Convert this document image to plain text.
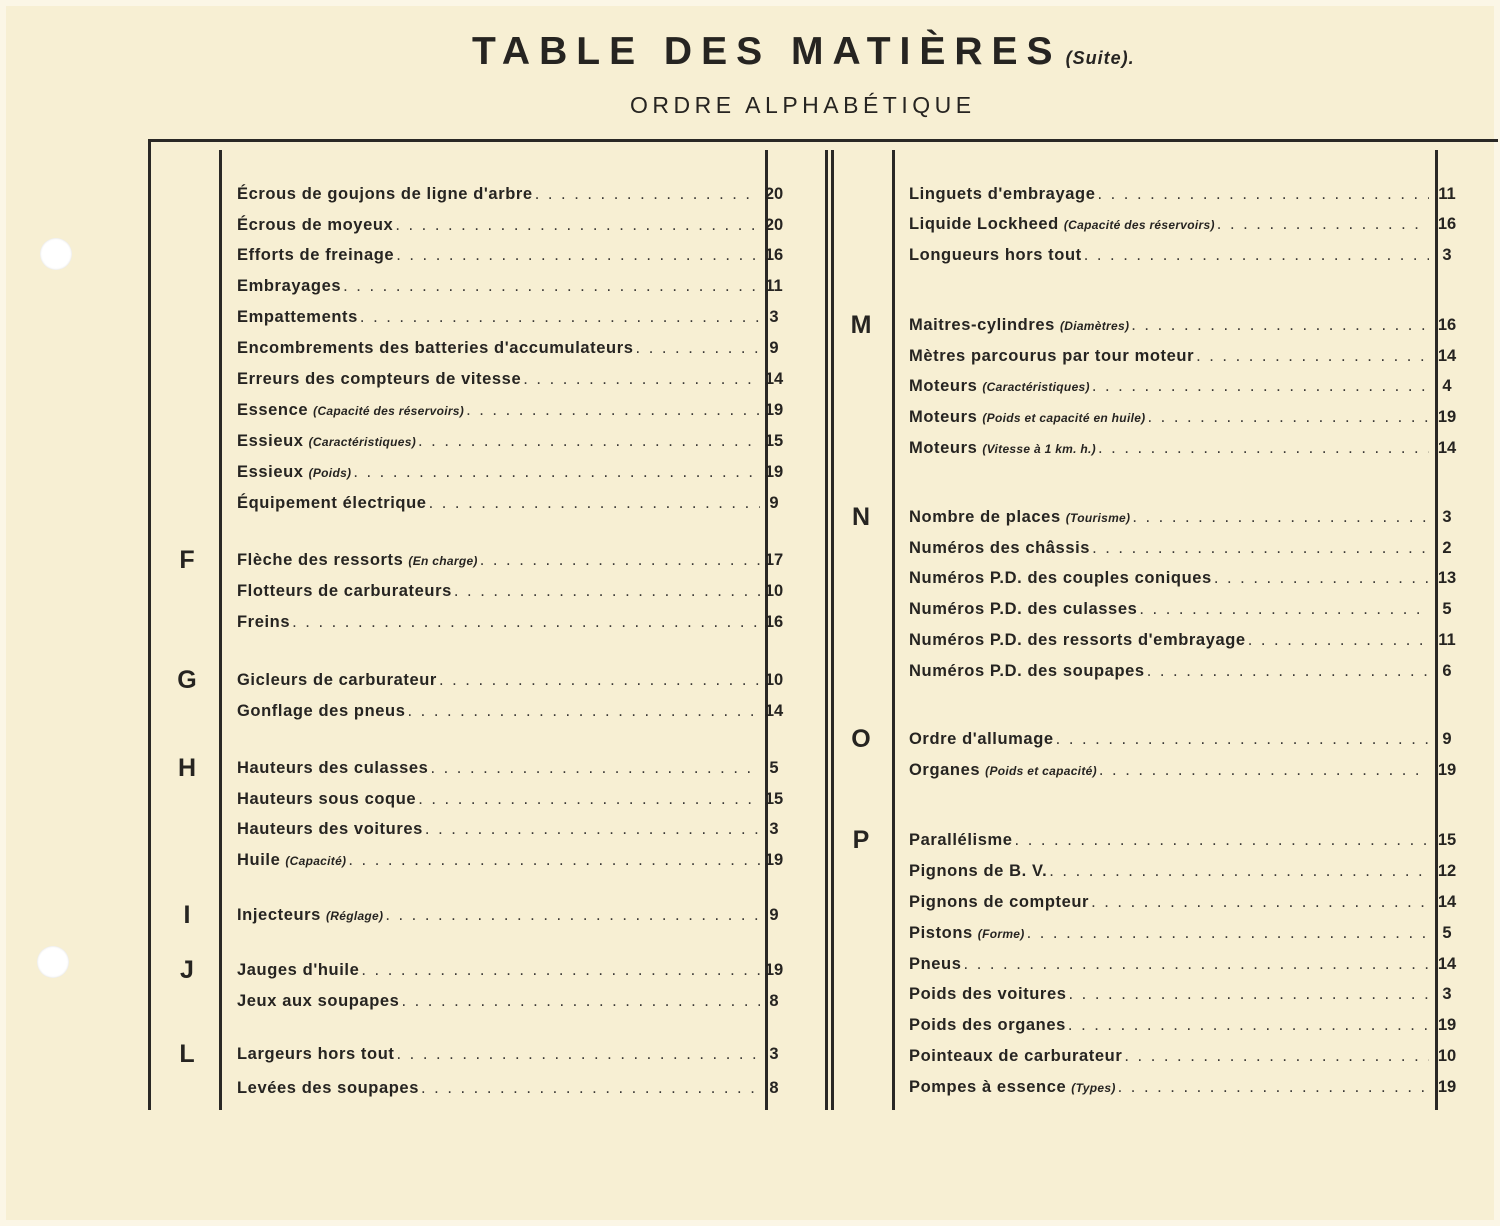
TABLE DES MATIÈRES (Suite).
ORDRE ALPHABÉTIQUE
Écrous de goujons de ligne d'arbre . . .	20
Écrous de moyeux . . .	20
Efforts de freinage . . .	16
Embrayages . . .	11
Empattements . . .	3
Encombrements des batteries d'accumulateurs . . .	9
Erreurs des compteurs de vitesse . . .	14
Essence (Capacité des réservoirs) . . .	19
Essieux (Caractéristiques) . . .	15
Essieux (Poids) . . .	19
Équipement électrique . . .	9
F	Flèche des ressorts (En charge) . . .	17
Flotteurs de carburateurs . . .	10
Freins . . .	16
G	Gicleurs de carburateur . . .	10
Gonflage des pneus . . .	14
H	Hauteurs des culasses . . .	5
Hauteurs sous coque . . .	15
Hauteurs des voitures . . .	3
Huile (Capacité) . . .	19
I	Injecteurs (Réglage) . . .	9
J	Jauges d'huile . . .	19
Jeux aux soupapes . . .	8
L	Largeurs hors tout . . .	3
Levées des soupapes . . .	8
Linguets d'embrayage . . .	11
Liquide Lockheed (Capacité des réservoirs) . . .	16
Longueurs hors tout . . .	3
M Maitres-cylindres (Diamètres) . . .	16
Mètres parcourus par tour moteur . . .	14
Moteurs (Caractéristiques) . . .	4
Moteurs (Poids et capacité en huile) . . .	19
Moteurs (Vitesse à 1 km. h.) . . .	14
N	Nombre de places (Tourisme) . . .	3
Numéros des châssis . . .	2
Numéros P.D. des couples coniques . . .	13
Numéros P.D. des culasses . . .	5
Numéros P.D. des ressorts d'embrayage . . .	11
Numéros P.D. des soupapes . . .	6
O	Ordre d'allumage . . .	9
Organes (Poids et capacité) . . .	19
P	Parallélisme . . .	15
Pignons de B. V. . . .	12
Pignons de compteur . . .	14
Pistons (Forme) . . .	5
Pneus . . .	14
Poids des voitures . . .	3
Poids des organes . . .	19
Pointeaux de carburateur . . .	10
Pompes à essence (Types) . . .	19
